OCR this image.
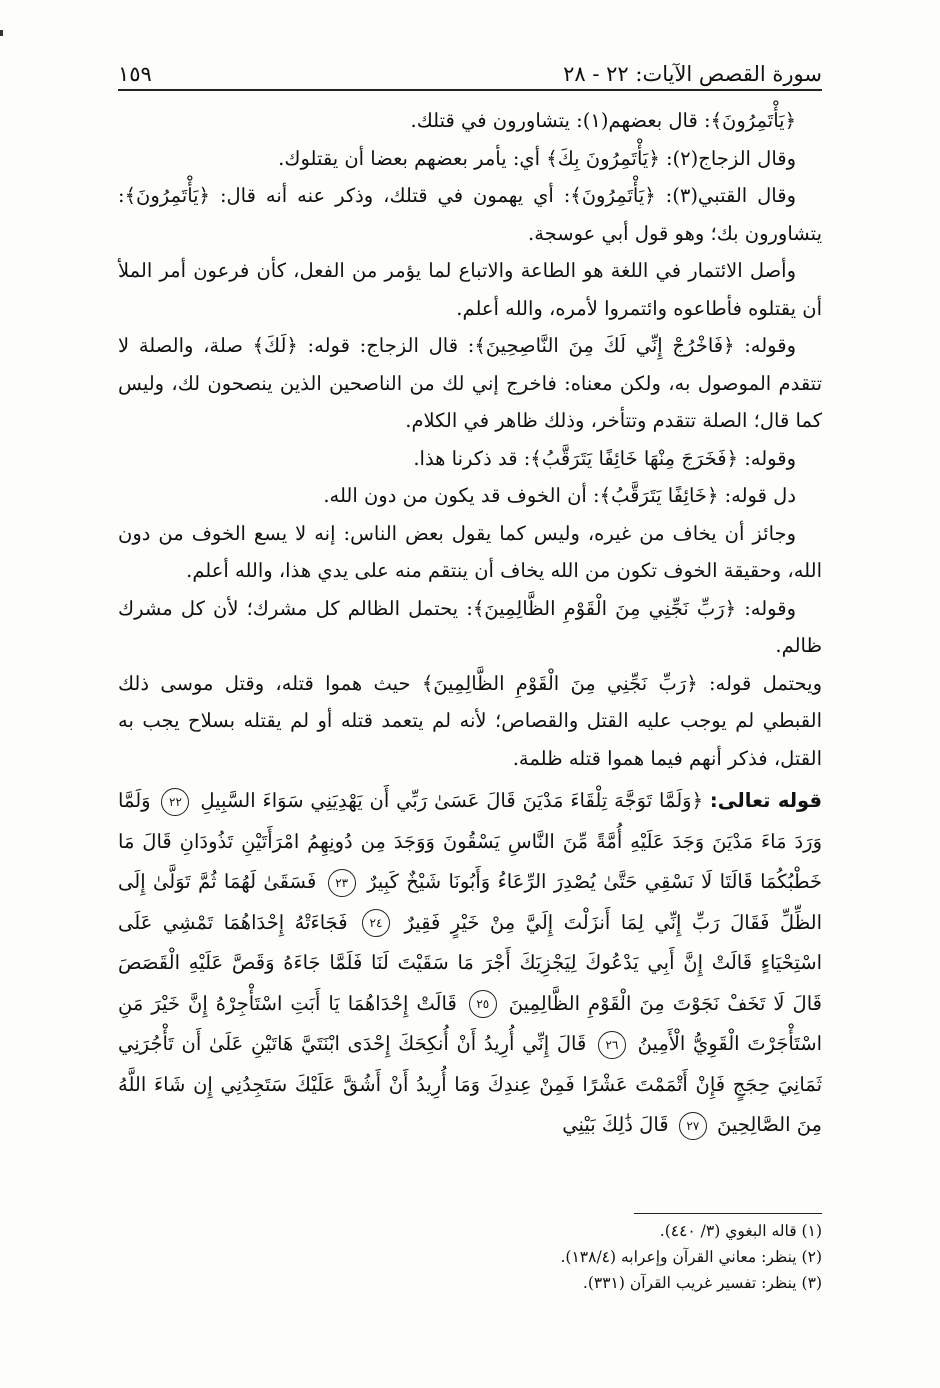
١٥٩	سورة القصص الآيات: ٢٢ - ٢٨

﴿يَأْتَمِرُونَ﴾: قال بعضهم(١): يتشاورون في قتلك.

وقال الزجاج(٢): ﴿يَأْتَمِرُونَ بِكَ﴾ أي: يأمر بعضهم بعضا أن يقتلوك.

وقال القتبي(٣): ﴿يَأْتَمِرُونَ﴾: أي يهمون في قتلك، وذكر عنه أنه قال: ﴿يَأْتَمِرُونَ﴾: يتشاورون بك؛ وهو قول أبي عوسجة.

وأصل الائتمار في اللغة هو الطاعة والاتباع لما يؤمر من الفعل، كأن فرعون أمر الملأ أن يقتلوه فأطاعوه وائتمروا لأمره، والله أعلم.

وقوله: ﴿فَاخْرُجْ إِنِّي لَكَ مِنَ النَّاصِحِينَ﴾: قال الزجاج: قوله: ﴿لَكَ﴾ صلة، والصلة لا تتقدم الموصول به، ولكن معناه: فاخرج إني لك من الناصحين الذين ينصحون لك، وليس كما قال؛ الصلة تتقدم وتتأخر، وذلك ظاهر في الكلام.

وقوله: ﴿فَخَرَجَ مِنْهَا خَائِفًا يَتَرَقَّبُ﴾: قد ذكرنا هذا.

دل قوله: ﴿خَائِفًا يَتَرَقَّبُ﴾: أن الخوف قد يكون من دون الله.

وجائز أن يخاف من غيره، وليس كما يقول بعض الناس: إنه لا يسع الخوف من دون الله، وحقيقة الخوف تكون من الله يخاف أن ينتقم منه على يدي هذا، والله أعلم.

وقوله: ﴿رَبِّ نَجِّنِي مِنَ الْقَوْمِ الظَّالِمِينَ﴾: يحتمل الظالم كل مشرك؛ لأن كل مشرك ظالم.

ويحتمل قوله: ﴿رَبِّ نَجِّنِي مِنَ الْقَوْمِ الظَّالِمِينَ﴾ حيث هموا قتله، وقتل موسى ذلك القبطي لم يوجب عليه القتل والقصاص؛ لأنه لم يتعمد قتله أو لم يقتله بسلاح يجب به القتل، فذكر أنهم فيما هموا قتله ظلمة.

قوله تعالى: ﴿وَلَمَّا تَوَجَّهَ تِلْقَاءَ مَدْيَنَ قَالَ عَسَىٰ رَبِّي أَن يَهْدِيَنِي سَوَاءَ السَّبِيلِ ٢٢ وَلَمَّا وَرَدَ مَاءَ مَدْيَنَ وَجَدَ عَلَيْهِ أُمَّةً مِّنَ النَّاسِ يَسْقُونَ وَوَجَدَ مِن دُونِهِمُ امْرَأَتَيْنِ تَذُودَانِ قَالَ مَا خَطْبُكُمَا قَالَتَا لَا نَسْقِي حَتَّىٰ يُصْدِرَ الرِّعَاءُ وَأَبُونَا شَيْخٌ كَبِيرٌ ٢٣ فَسَقَىٰ لَهُمَا ثُمَّ تَوَلَّىٰ إِلَى الظِّلِّ فَقَالَ رَبِّ إِنِّي لِمَا أَنزَلْتَ إِلَيَّ مِنْ خَيْرٍ فَقِيرٌ ٢٤ فَجَاءَتْهُ إِحْدَاهُمَا تَمْشِي عَلَى اسْتِحْيَاءٍ قَالَتْ إِنَّ أَبِي يَدْعُوكَ لِيَجْزِيَكَ أَجْرَ مَا سَقَيْتَ لَنَا فَلَمَّا جَاءَهُ وَقَصَّ عَلَيْهِ الْقَصَصَ قَالَ لَا تَخَفْ نَجَوْتَ مِنَ الْقَوْمِ الظَّالِمِينَ ٢٥ قَالَتْ إِحْدَاهُمَا يَا أَبَتِ اسْتَأْجِرْهُ إِنَّ خَيْرَ مَنِ اسْتَأْجَرْتَ الْقَوِيُّ الْأَمِينُ ٢٦ قَالَ إِنِّي أُرِيدُ أَنْ أُنكِحَكَ إِحْدَى ابْنَتَيَّ هَاتَيْنِ عَلَىٰ أَن تَأْجُرَنِي ثَمَانِيَ حِجَجٍ فَإِنْ أَتْمَمْتَ عَشْرًا فَمِنْ عِندِكَ وَمَا أُرِيدُ أَنْ أَشُقَّ عَلَيْكَ سَتَجِدُنِي إِن شَاءَ اللَّهُ مِنَ الصَّالِحِينَ ٢٧ قَالَ ذَٰلِكَ بَيْنِي

(١) قاله البغوي (٣/ ٤٤٠).

(٢) ينظر: معاني القرآن وإعرابه (١٣٨/٤).

(٣) ينظر: تفسير غريب القرآن (٣٣١).
